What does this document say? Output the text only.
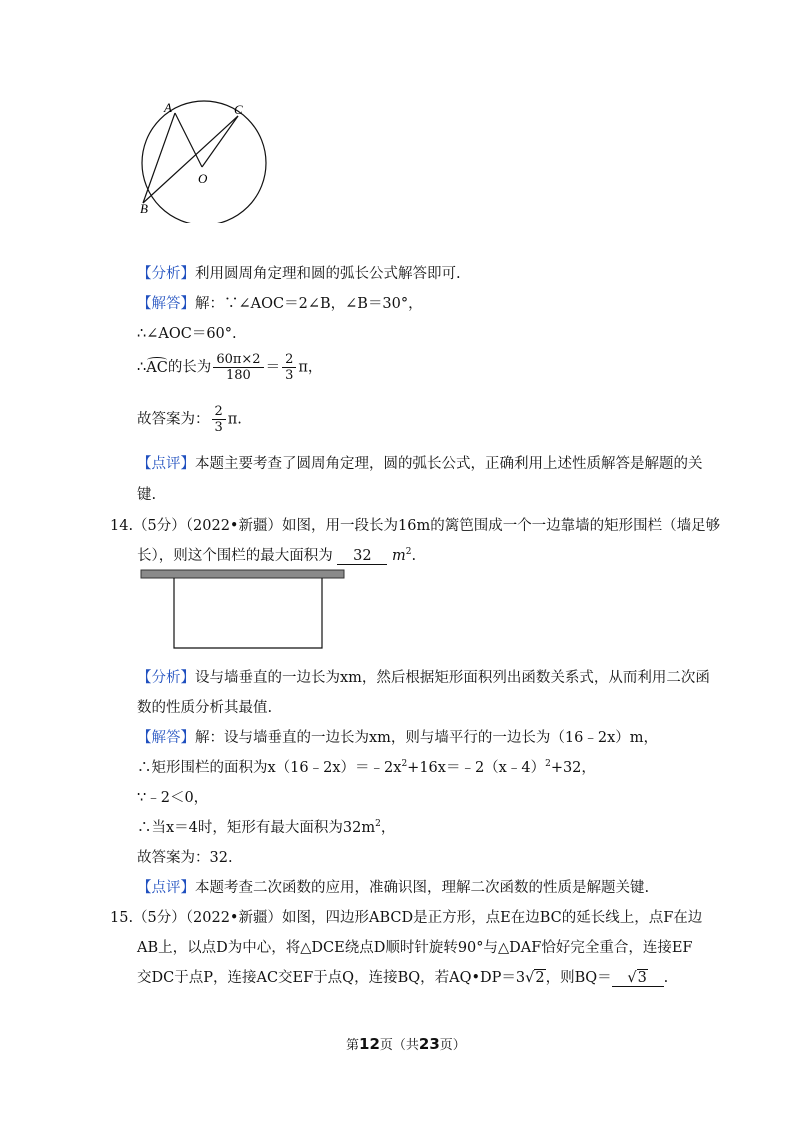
A	C
O
B
【分析】利用圆周角定理和圆的弧长公式解答即可.
【解答】解：∵∠AOC＝2∠B，∠B＝30°，
∴∠AOC＝60°.
∴AC的长为 $\frac{60\pi\times 2}{180} = \frac{2}{3}$ π，
故答案为： $\frac{2}{3} \pi$.
【点评】本题主要考查了圆周角定理，圆的弧长公式，正确利用上述性质解答是解题的关
键.
14.（5分）（2022•新疆）如图，用一段长为16m的篱笆围成一个一边靠墙的矩形围栏（墙足够
长），则这个围栏的最大面积为 32 $m^2$.
【分析】设与墙垂直的一边长为xm，然后根据矩形面积列出函数关系式，从而利用二次函
数的性质分析其最值.
【解答】解：设与墙垂直的一边长为xm，则与墙平行的一边长为（16﹣2x）m，
∴矩形围栏的面积为$x(16﹣2x)=﹣2x^2+16x=﹣2(x﹣4)^2+32$，
∵﹣2＜0，
∴当x＝4时，矩形有最大面积为$32m^2$，
故答案为：32.
【点评】本题考查二次函数的应用，准确识图，理解二次函数的性质是解题关键.
15.（5分）（2022•新疆）如图，四边形ABCD是正方形，点E在边BC的延长线上，点F在边
AB上，以点D为中心，将△DCE绕点D顺时针旋转90°与△DAF恰好完全重合，连接EF
交DC于点P，连接AC交EF于点Q，连接BQ，若AQ•DP＝3√2，则BQ＝ √3 .
第12页（共23页）
